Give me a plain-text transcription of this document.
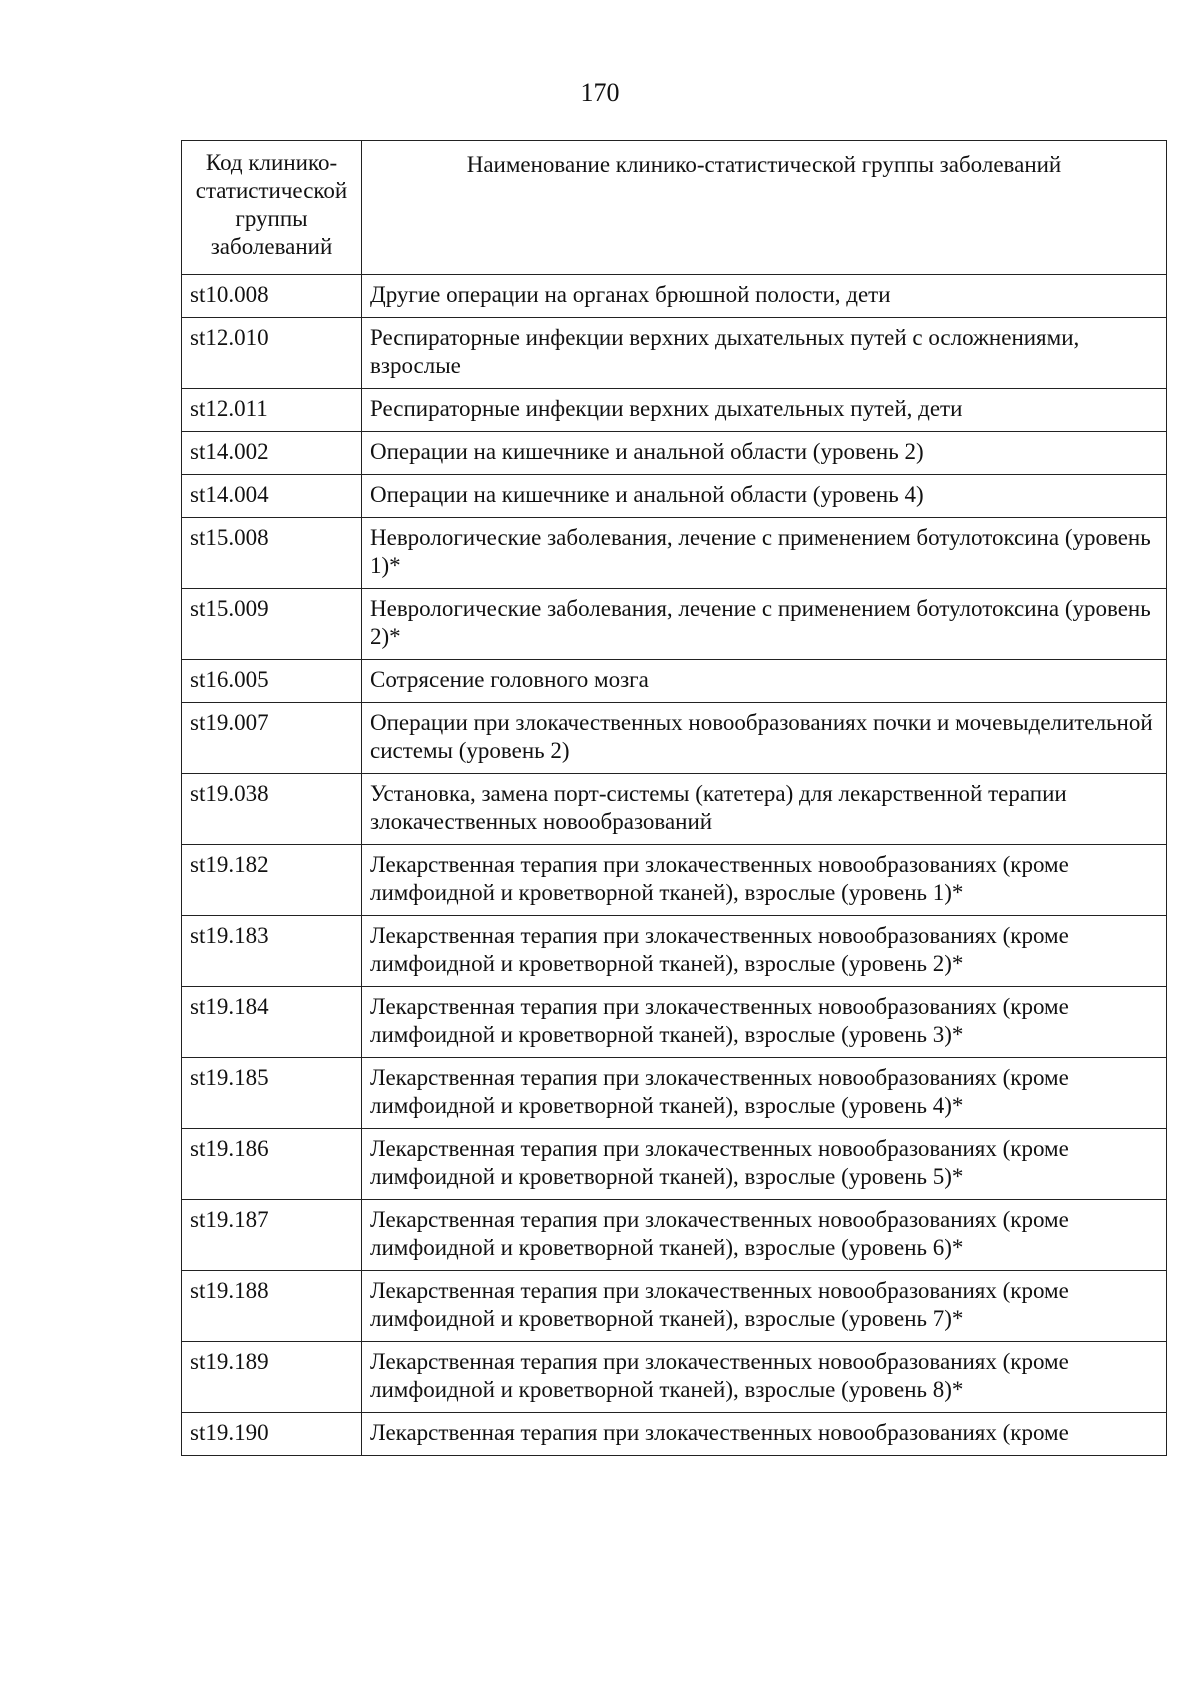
170
Код клинико-статистической группы заболеваний	Наименование клинико-статистической группы заболеваний
st10.008	Другие операции на органах брюшной полости, дети
st12.010	Респираторные инфекции верхних дыхательных путей с осложнениями, взрослые
st12.011	Респираторные инфекции верхних дыхательных путей, дети
st14.002	Операции на кишечнике и анальной области (уровень 2)
st14.004	Операции на кишечнике и анальной области (уровень 4)
st15.008	Неврологические заболевания, лечение с применением ботулотоксина (уровень 1)*
st15.009	Неврологические заболевания, лечение с применением ботулотоксина (уровень 2)*
st16.005	Сотрясение головного мозга
st19.007	Операции при злокачественных новообразованиях почки и мочевыделительной системы (уровень 2)
st19.038	Установка, замена порт-системы (катетера) для лекарственной терапии злокачественных новообразований
st19.182	Лекарственная терапия при злокачественных новообразованиях (кроме лимфоидной и кроветворной тканей), взрослые (уровень 1)*
st19.183	Лекарственная терапия при злокачественных новообразованиях (кроме лимфоидной и кроветворной тканей), взрослые (уровень 2)*
st19.184	Лекарственная терапия при злокачественных новообразованиях (кроме лимфоидной и кроветворной тканей), взрослые (уровень 3)*
st19.185	Лекарственная терапия при злокачественных новообразованиях (кроме лимфоидной и кроветворной тканей), взрослые (уровень 4)*
st19.186	Лекарственная терапия при злокачественных новообразованиях (кроме лимфоидной и кроветворной тканей), взрослые (уровень 5)*
st19.187	Лекарственная терапия при злокачественных новообразованиях (кроме лимфоидной и кроветворной тканей), взрослые (уровень 6)*
st19.188	Лекарственная терапия при злокачественных новообразованиях (кроме лимфоидной и кроветворной тканей), взрослые (уровень 7)*
st19.189	Лекарственная терапия при злокачественных новообразованиях (кроме лимфоидной и кроветворной тканей), взрослые (уровень 8)*
st19.190	Лекарственная терапия при злокачественных новообразованиях (кроме
